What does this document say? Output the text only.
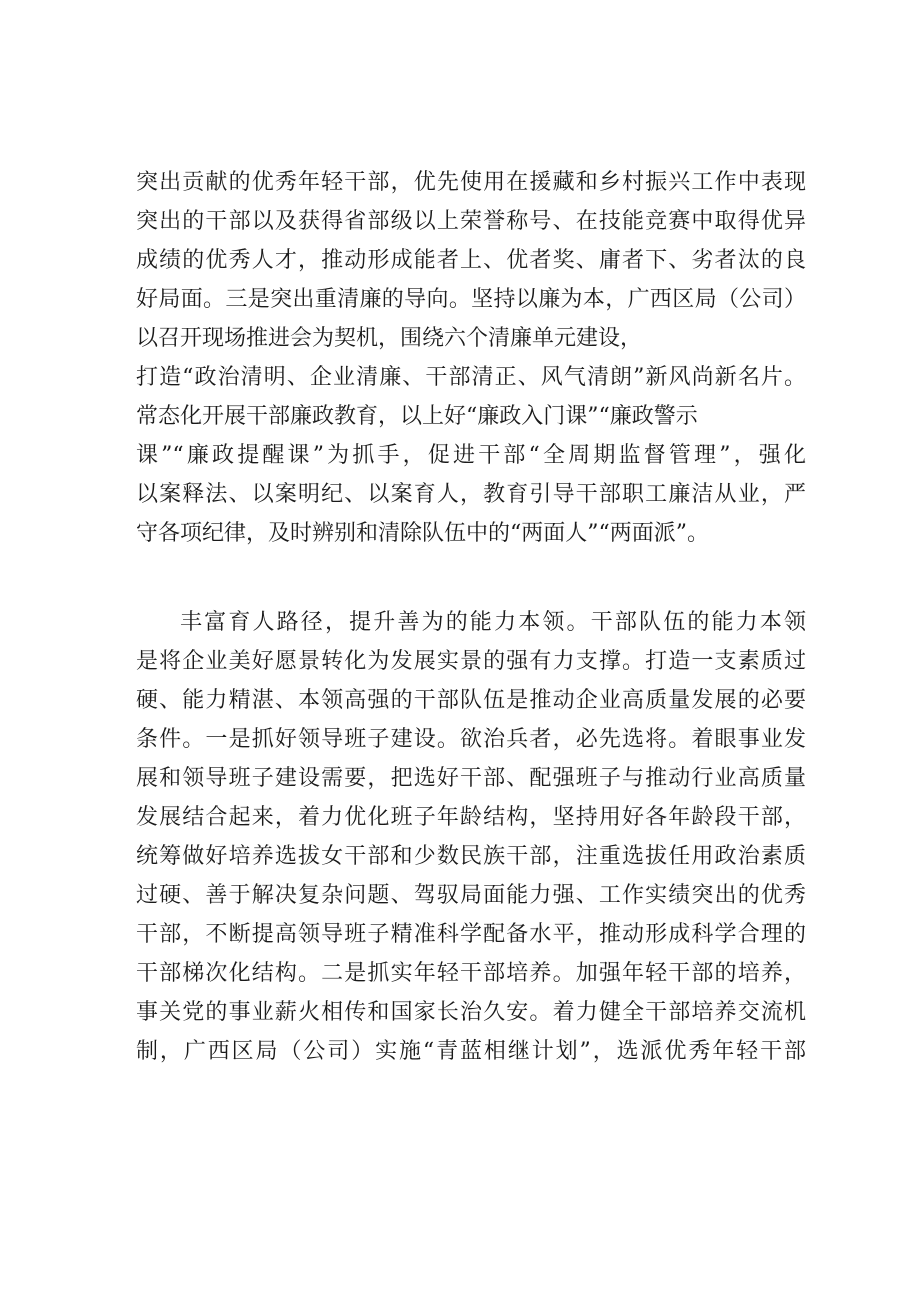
突出贡献的优秀年轻干部，优先使用在援藏和乡村振兴工作中表现
突出的干部以及获得省部级以上荣誉称号、在技能竞赛中取得优异
成绩的优秀人才，推动形成能者上、优者奖、庸者下、劣者汰的良
好局面。三是突出重清廉的导向。坚持以廉为本，广西区局（公司）
以召开现场推进会为契机，围绕六个清廉单元建设，
打造“政治清明、企业清廉、干部清正、风气清朗”新风尚新名片。
常态化开展干部廉政教育，以上好“廉政入门课”“廉政警示
课”“廉政提醒课”为抓手，促进干部“全周期监督管理”，强化
以案释法、以案明纪、以案育人，教育引导干部职工廉洁从业，严
守各项纪律，及时辨别和清除队伍中的“两面人”“两面派”。
丰富育人路径，提升善为的能力本领。干部队伍的能力本领
是将企业美好愿景转化为发展实景的强有力支撑。打造一支素质过
硬、能力精湛、本领高强的干部队伍是推动企业高质量发展的必要
条件。一是抓好领导班子建设。欲治兵者，必先选将。着眼事业发
展和领导班子建设需要，把选好干部、配强班子与推动行业高质量
发展结合起来，着力优化班子年龄结构，坚持用好各年龄段干部，
统筹做好培养选拔女干部和少数民族干部，注重选拔任用政治素质
过硬、善于解决复杂问题、驾驭局面能力强、工作实绩突出的优秀
干部，不断提高领导班子精准科学配备水平，推动形成科学合理的
干部梯次化结构。二是抓实年轻干部培养。加强年轻干部的培养，
事关党的事业薪火相传和国家长治久安。着力健全干部培养交流机
制，广西区局（公司）实施“青蓝相继计划”，选派优秀年轻干部
